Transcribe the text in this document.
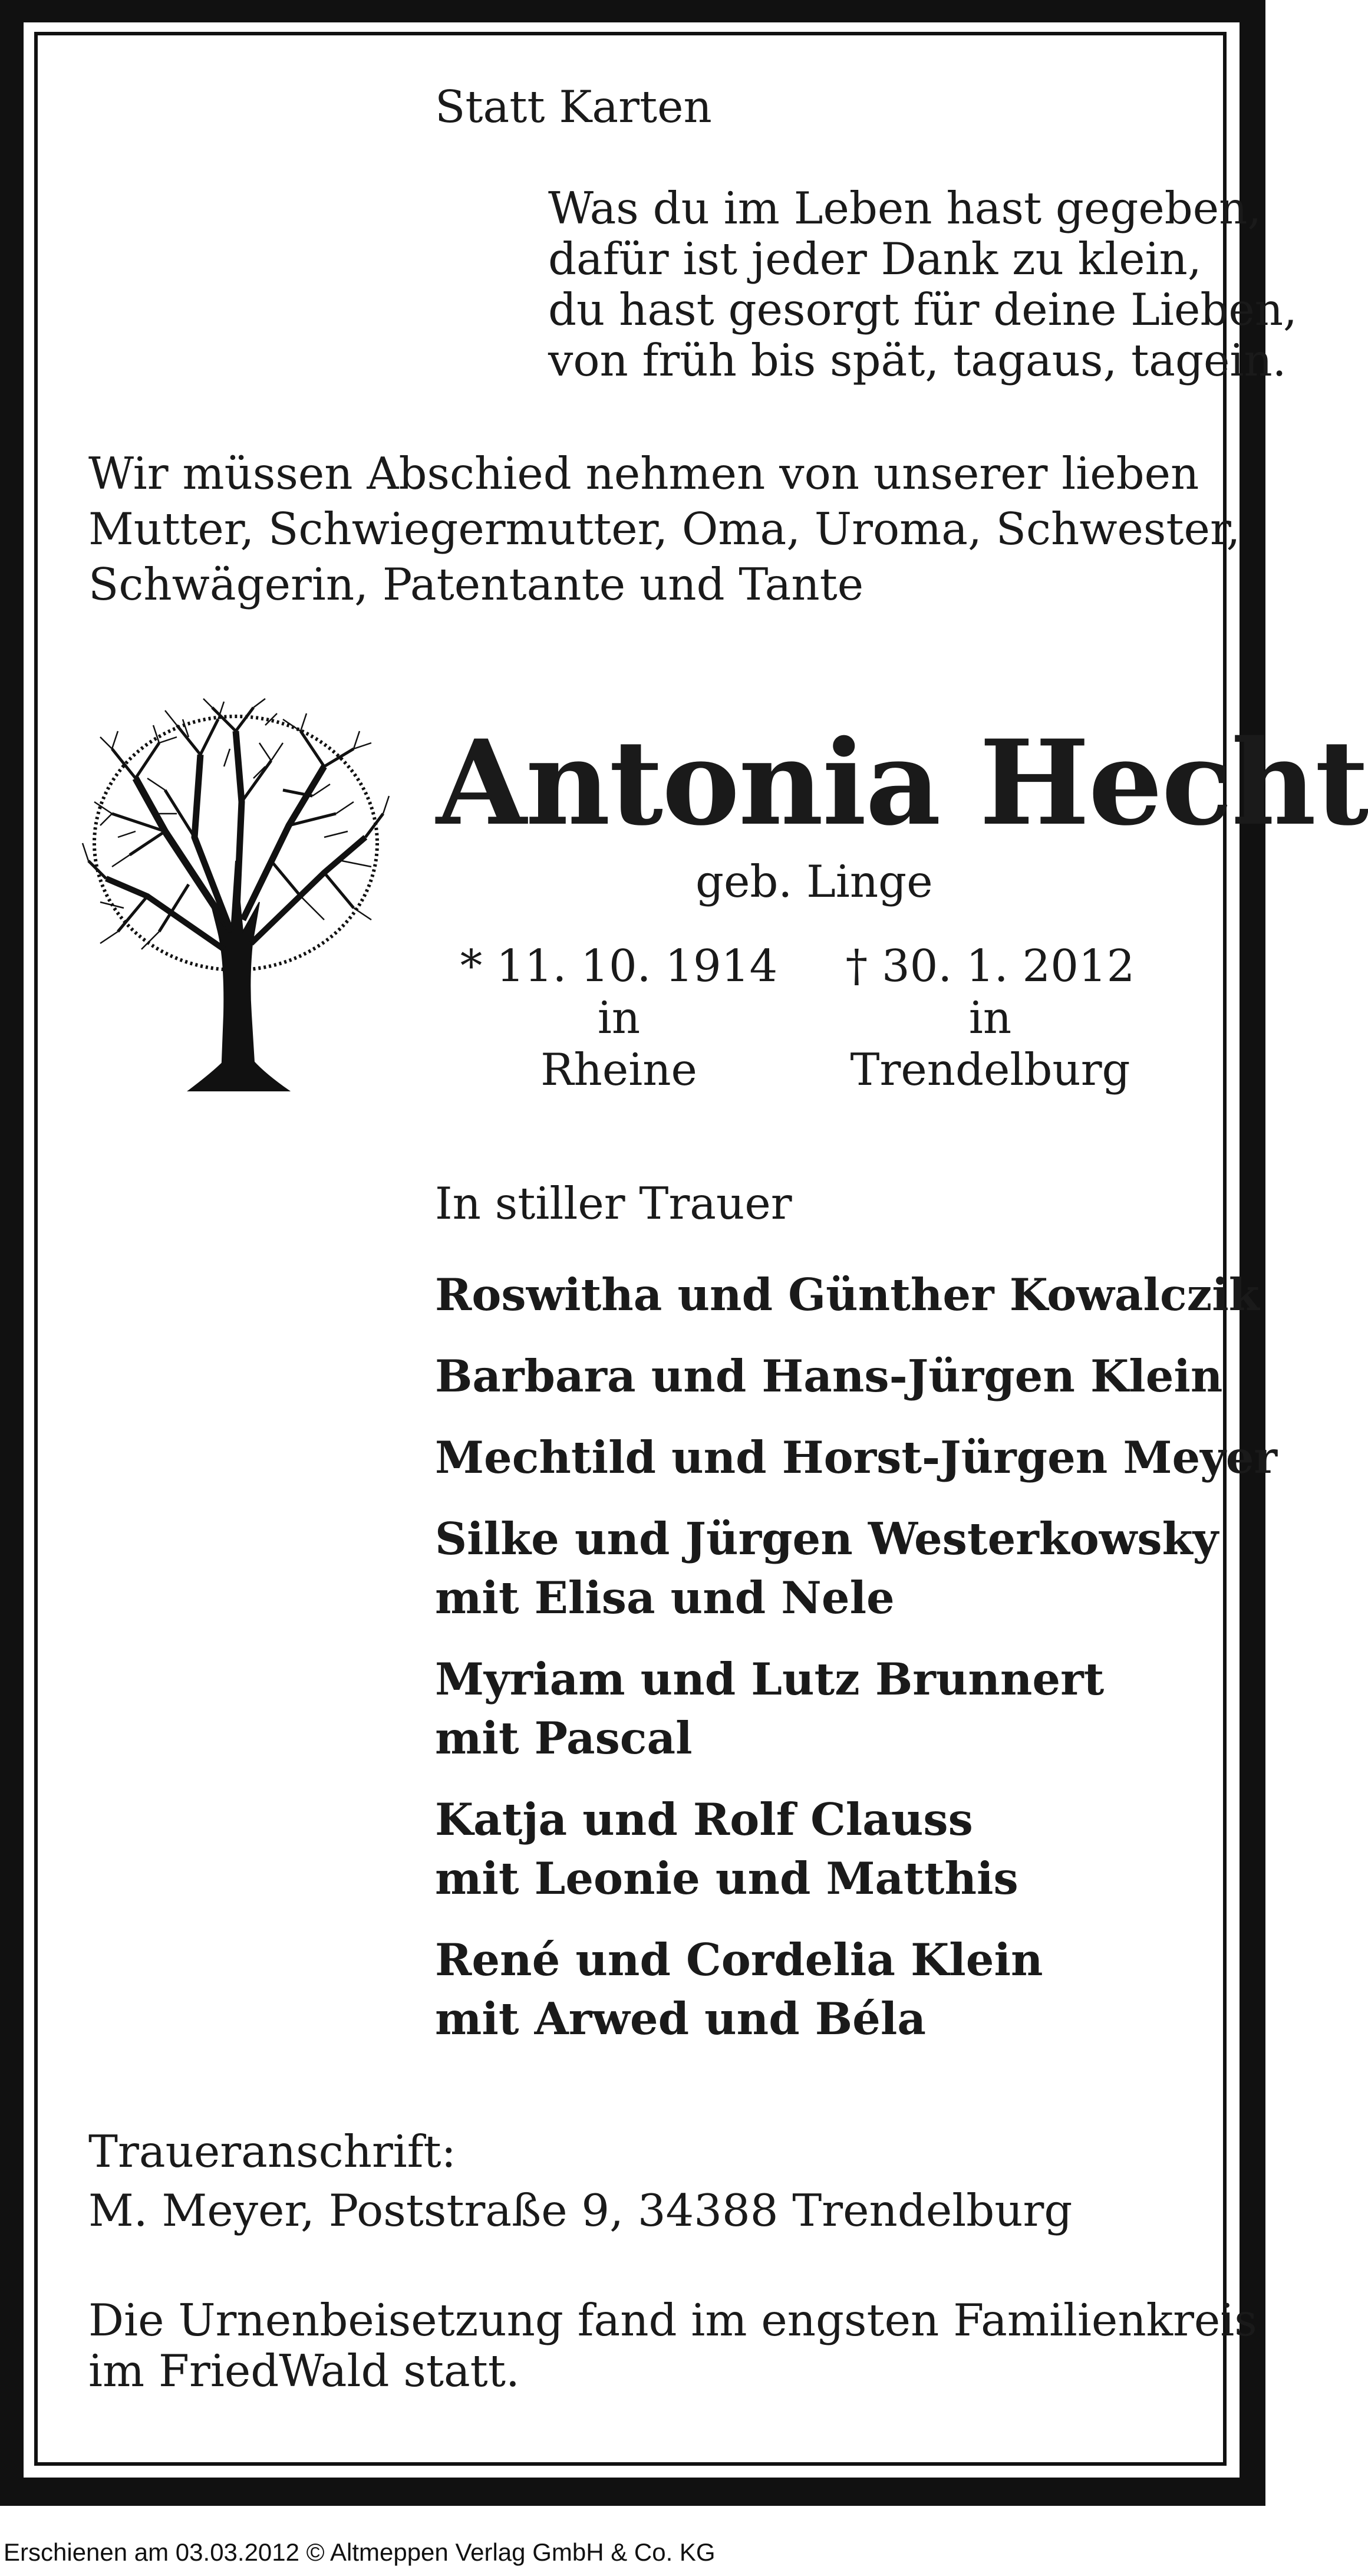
Statt Karten

Was du im Leben hast gegeben,
dafür ist jeder Dank zu klein,
du hast gesorgt für deine Lieben,
von früh bis spät, tagaus, tagein.
Wir müssen Abschied nehmen von unserer lieben
Mutter, Schwiegermutter, Oma, Uroma, Schwester,
Schwägerin, Patentante und Tante

Antonia Hecht

geb. Linge

* 11. 10. 1914
in
Rheine
† 30. 1. 2012
in
Trendelburg

In stiller Trauer

Roswitha und Günther Kowalczik
Barbara und Hans-Jürgen Klein
Mechtild und Horst-Jürgen Meyer
Silke und Jürgen Westerkowsky
mit Elisa und Nele
Myriam und Lutz Brunnert
mit Pascal
Katja und Rolf Clauss
mit Leonie und Matthis
René und Cordelia Klein
mit Arwed und Béla

Traueranschrift:

M. Meyer, Poststraße 9, 34388 Trendelburg

Die Urnenbeisetzung fand im engsten Familienkreis
im FriedWald statt.
Erschienen am 03.03.2012 © Altmeppen Verlag GmbH & Co. KG
